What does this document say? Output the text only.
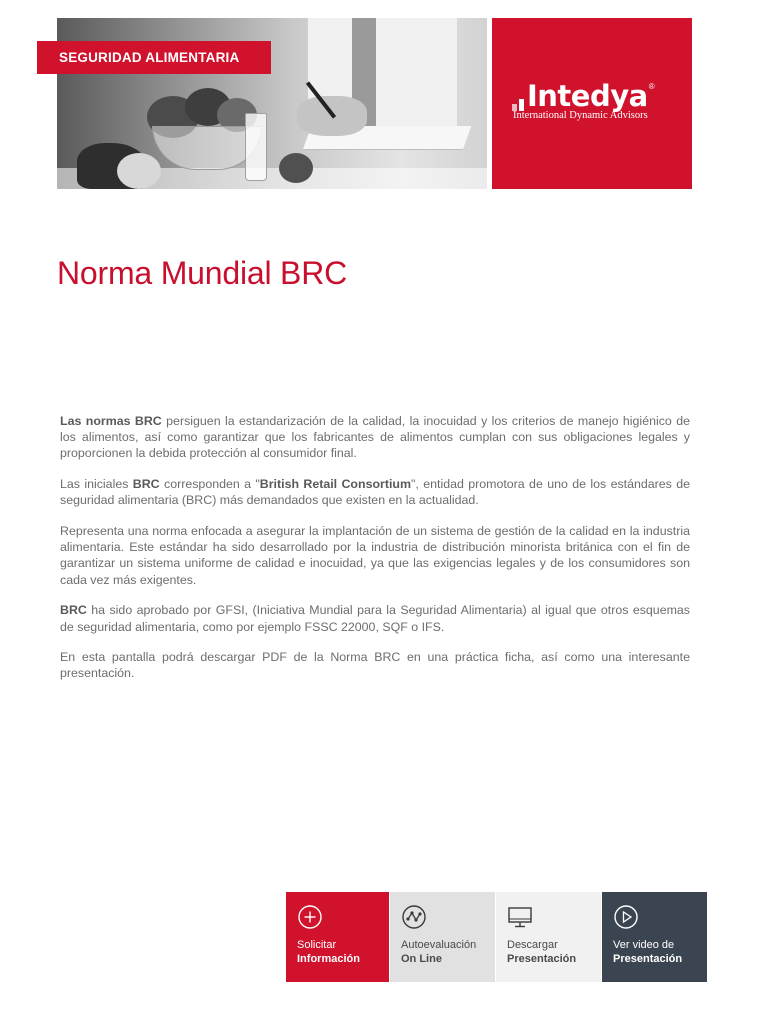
SEGURIDAD ALIMENTARIA
Intedya ®
International Dynamic Advisors
Norma Mundial BRC

Las normas BRC persiguen la estandarización de la calidad, la inocuidad y los criterios de manejo higiénico de los alimentos, así como garantizar que los fabricantes de alimentos cumplan con sus obligaciones legales y proporcionen la debida protección al consumidor final.

Las iniciales BRC corresponden a "British Retail Consortium", entidad promotora de uno de los estándares de seguridad alimentaria (BRC) más demandados que existen en la actualidad.

Representa una norma enfocada a asegurar la implantación de un sistema de gestión de la calidad en la industria alimentaria. Este estándar ha sido desarrollado por la industria de distribución minorista británica con el fin de garantizar un sistema uniforme de calidad e inocuidad, ya que las exigencias legales y de los consumidores son cada vez más exigentes.

BRC ha sido aprobado por GFSI, (Iniciativa Mundial para la Seguridad Alimentaria) al igual que otros esquemas de seguridad alimentaria, como por ejemplo FSSC 22000, SQF o IFS.

En esta pantalla podrá descargar PDF de la Norma BRC en una práctica ficha, así como una interesante presentación.

Solicitar
Información
Autoevaluación
On Line
Descargar
Presentación
Ver video de
Presentación
